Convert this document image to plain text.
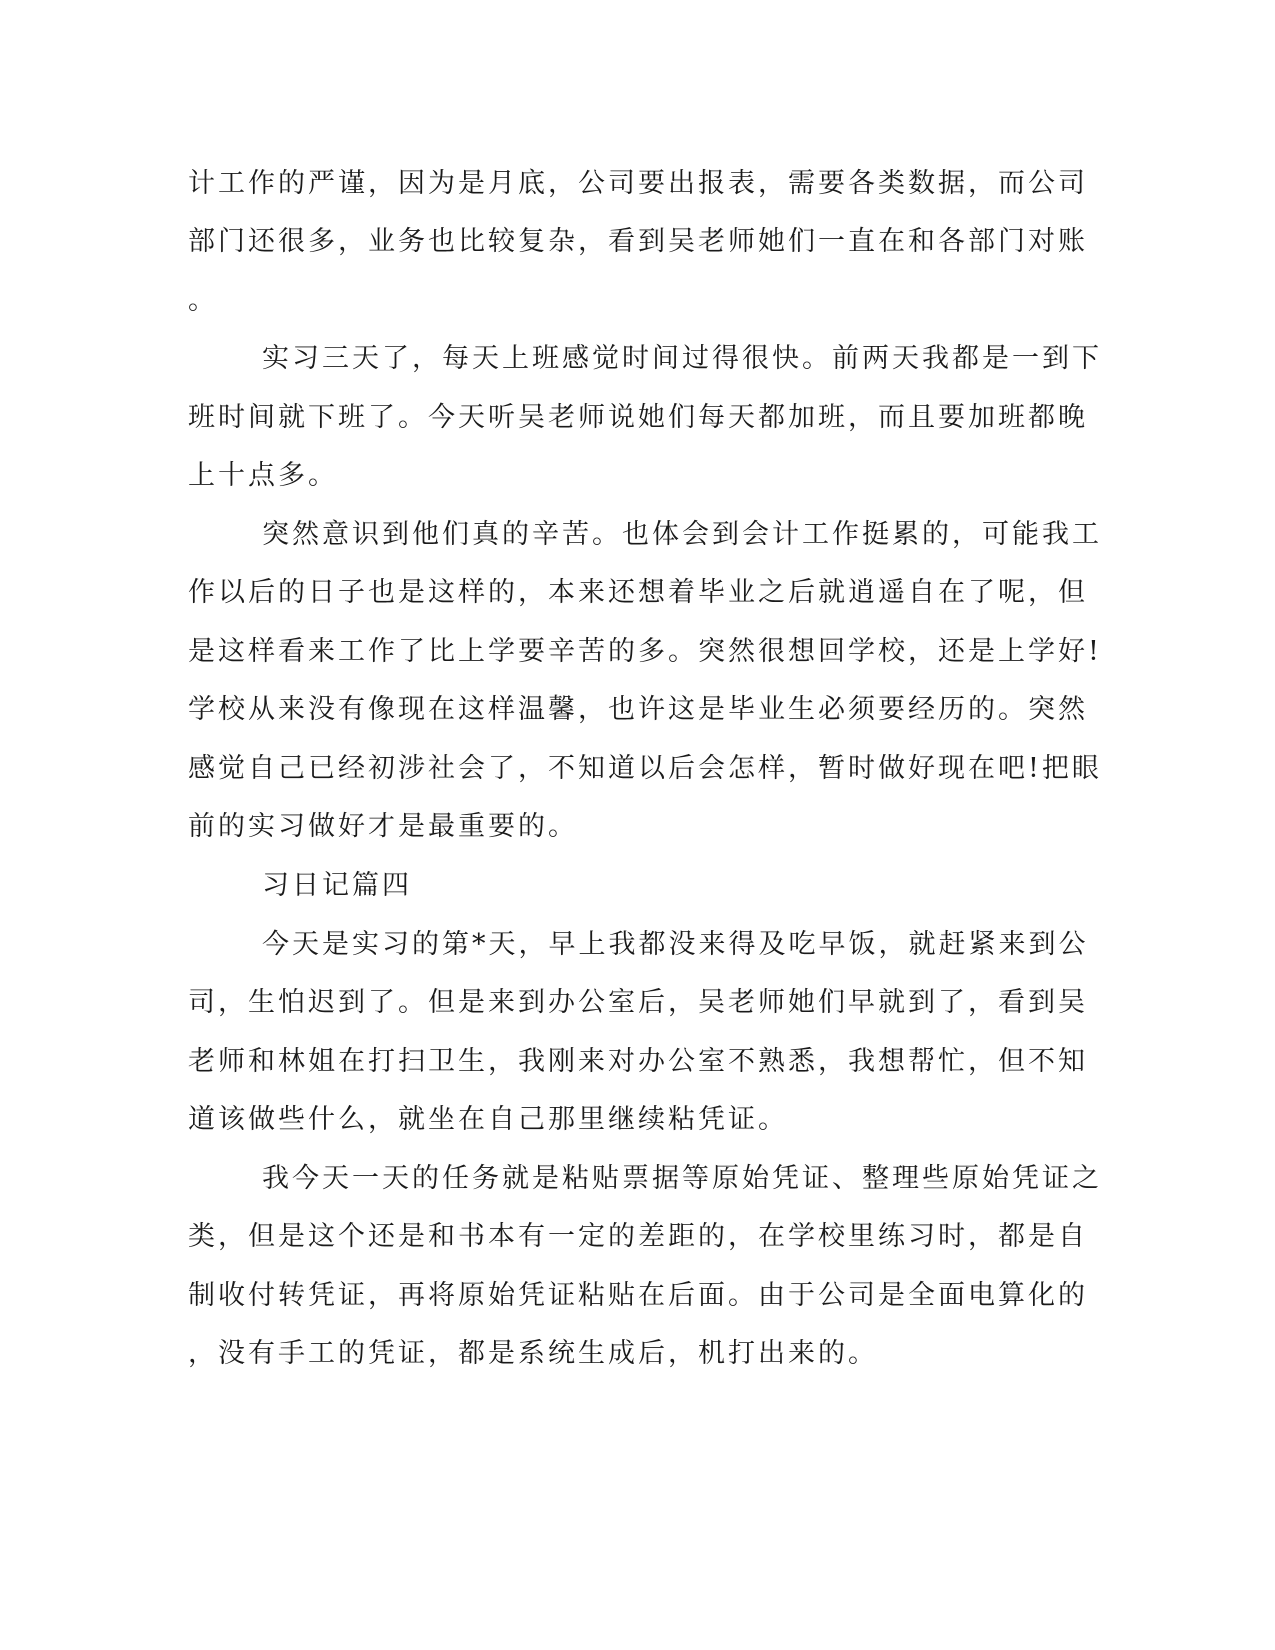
计工作的严谨，因为是月底，公司要出报表，需要各类数据，而公司
部门还很多，业务也比较复杂，看到吴老师她们一直在和各部门对账
。
实习三天了，每天上班感觉时间过得很快。前两天我都是一到下
班时间就下班了。今天听吴老师说她们每天都加班，而且要加班都晚
上十点多。
突然意识到他们真的辛苦。也体会到会计工作挺累的，可能我工
作以后的日子也是这样的，本来还想着毕业之后就逍遥自在了呢，但
是这样看来工作了比上学要辛苦的多。突然很想回学校，还是上学好!
学校从来没有像现在这样温馨，也许这是毕业生必须要经历的。突然
感觉自己已经初涉社会了，不知道以后会怎样，暂时做好现在吧!把眼
前的实习做好才是最重要的。
习日记篇四
今天是实习的第*天，早上我都没来得及吃早饭，就赶紧来到公
司，生怕迟到了。但是来到办公室后，吴老师她们早就到了，看到吴
老师和林姐在打扫卫生，我刚来对办公室不熟悉，我想帮忙，但不知
道该做些什么，就坐在自己那里继续粘凭证。
我今天一天的任务就是粘贴票据等原始凭证、整理些原始凭证之
类，但是这个还是和书本有一定的差距的，在学校里练习时，都是自
制收付转凭证，再将原始凭证粘贴在后面。由于公司是全面电算化的
，没有手工的凭证，都是系统生成后，机打出来的。
